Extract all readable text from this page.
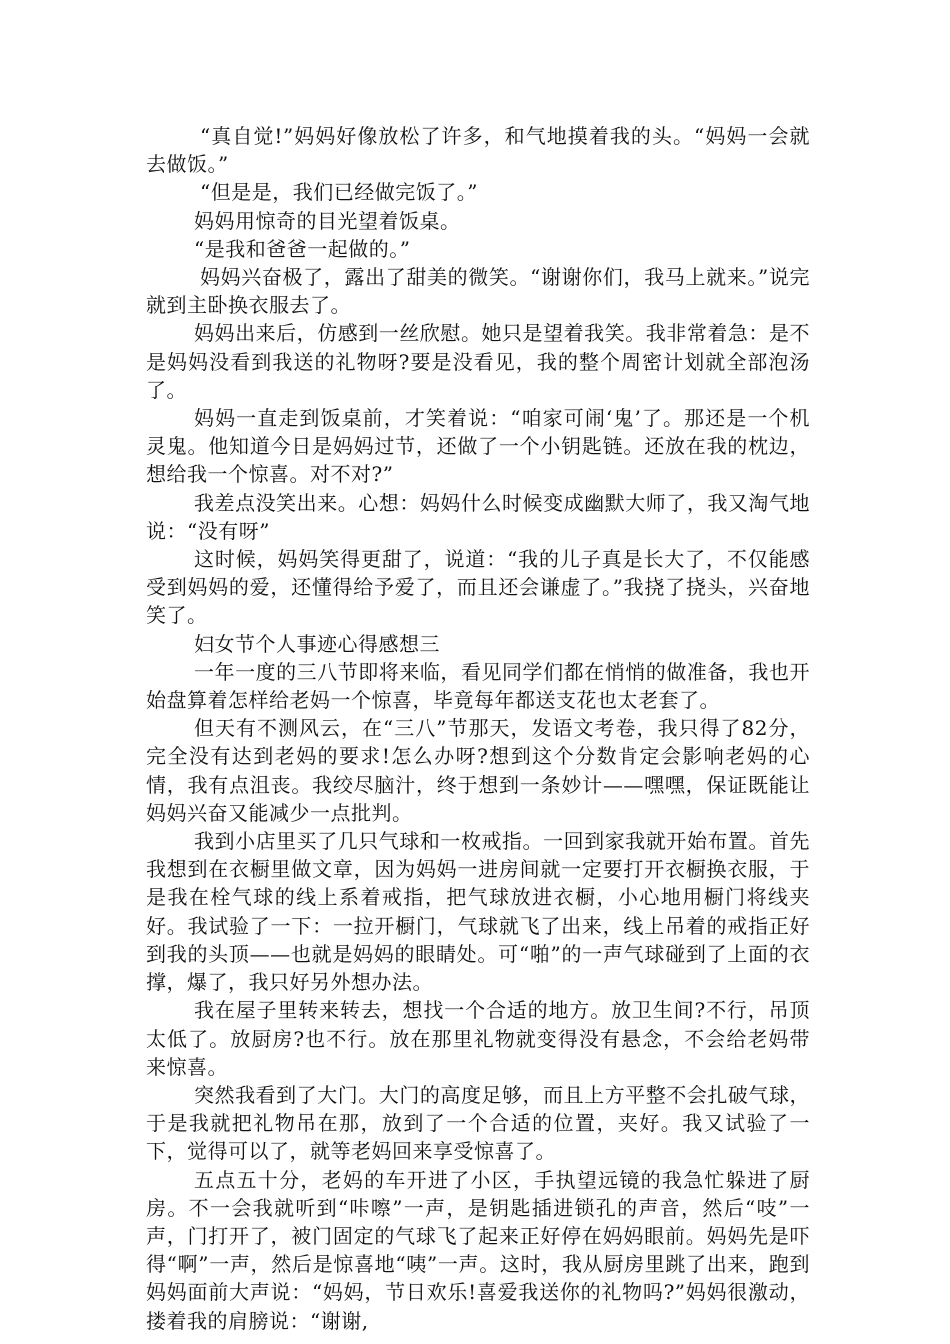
“真自觉!”妈妈好像放松了许多，和气地摸着我的头。“妈妈一会就去做饭。”

“但是是，我们已经做完饭了。”

妈妈用惊奇的目光望着饭桌。

“是我和爸爸一起做的。”

妈妈兴奋极了，露出了甜美的微笑。“谢谢你们，我马上就来。”说完就到主卧换衣服去了。

妈妈出来后，仿感到一丝欣慰。她只是望着我笑。我非常着急：是不是妈妈没看到我送的礼物呀?要是没看见，我的整个周密计划就全部泡汤了。

妈妈一直走到饭桌前，才笑着说：“咱家可闹‘鬼’了。那还是一个机灵鬼。他知道今日是妈妈过节，还做了一个小钥匙链。还放在我的枕边，想给我一个惊喜。对不对?”

我差点没笑出来。心想：妈妈什么时候变成幽默大师了，我又淘气地说：“没有呀”

这时候，妈妈笑得更甜了，说道：“我的儿子真是长大了，不仅能感受到妈妈的爱，还懂得给予爱了，而且还会谦虚了。”我挠了挠头，兴奋地笑了。

妇女节个人事迹心得感想三

一年一度的三八节即将来临，看见同学们都在悄悄的做准备，我也开始盘算着怎样给老妈一个惊喜，毕竟每年都送支花也太老套了。

但天有不测风云，在“三八”节那天，发语文考卷，我只得了82分，完全没有达到老妈的要求!怎么办呀?想到这个分数肯定会影响老妈的心情，我有点沮丧。我绞尽脑汁，终于想到一条妙计——嘿嘿，保证既能让妈妈兴奋又能减少一点批判。

我到小店里买了几只气球和一枚戒指。一回到家我就开始布置。首先我想到在衣橱里做文章，因为妈妈一进房间就一定要打开衣橱换衣服，于是我在栓气球的线上系着戒指，把气球放进衣橱，小心地用橱门将线夹好。我试验了一下：一拉开橱门，气球就飞了出来，线上吊着的戒指正好到我的头顶——也就是妈妈的眼睛处。可“啪”的一声气球碰到了上面的衣撑，爆了，我只好另外想办法。

我在屋子里转来转去，想找一个合适的地方。放卫生间?不行，吊顶太低了。放厨房?也不行。放在那里礼物就变得没有悬念，不会给老妈带来惊喜。

突然我看到了大门。大门的高度足够，而且上方平整不会扎破气球，于是我就把礼物吊在那，放到了一个合适的位置，夹好。我又试验了一下，觉得可以了，就等老妈回来享受惊喜了。

五点五十分，老妈的车开进了小区，手执望远镜的我急忙躲进了厨房。不一会我就听到“咔嚓”一声，是钥匙插进锁孔的声音，然后“吱”一声，门打开了，被门固定的气球飞了起来正好停在妈妈眼前。妈妈先是吓得“啊”一声，然后是惊喜地“咦”一声。这时，我从厨房里跳了出来，跑到妈妈面前大声说：“妈妈，节日欢乐!喜爱我送你的礼物吗?”妈妈很激动，搂着我的肩膀说：“谢谢,
